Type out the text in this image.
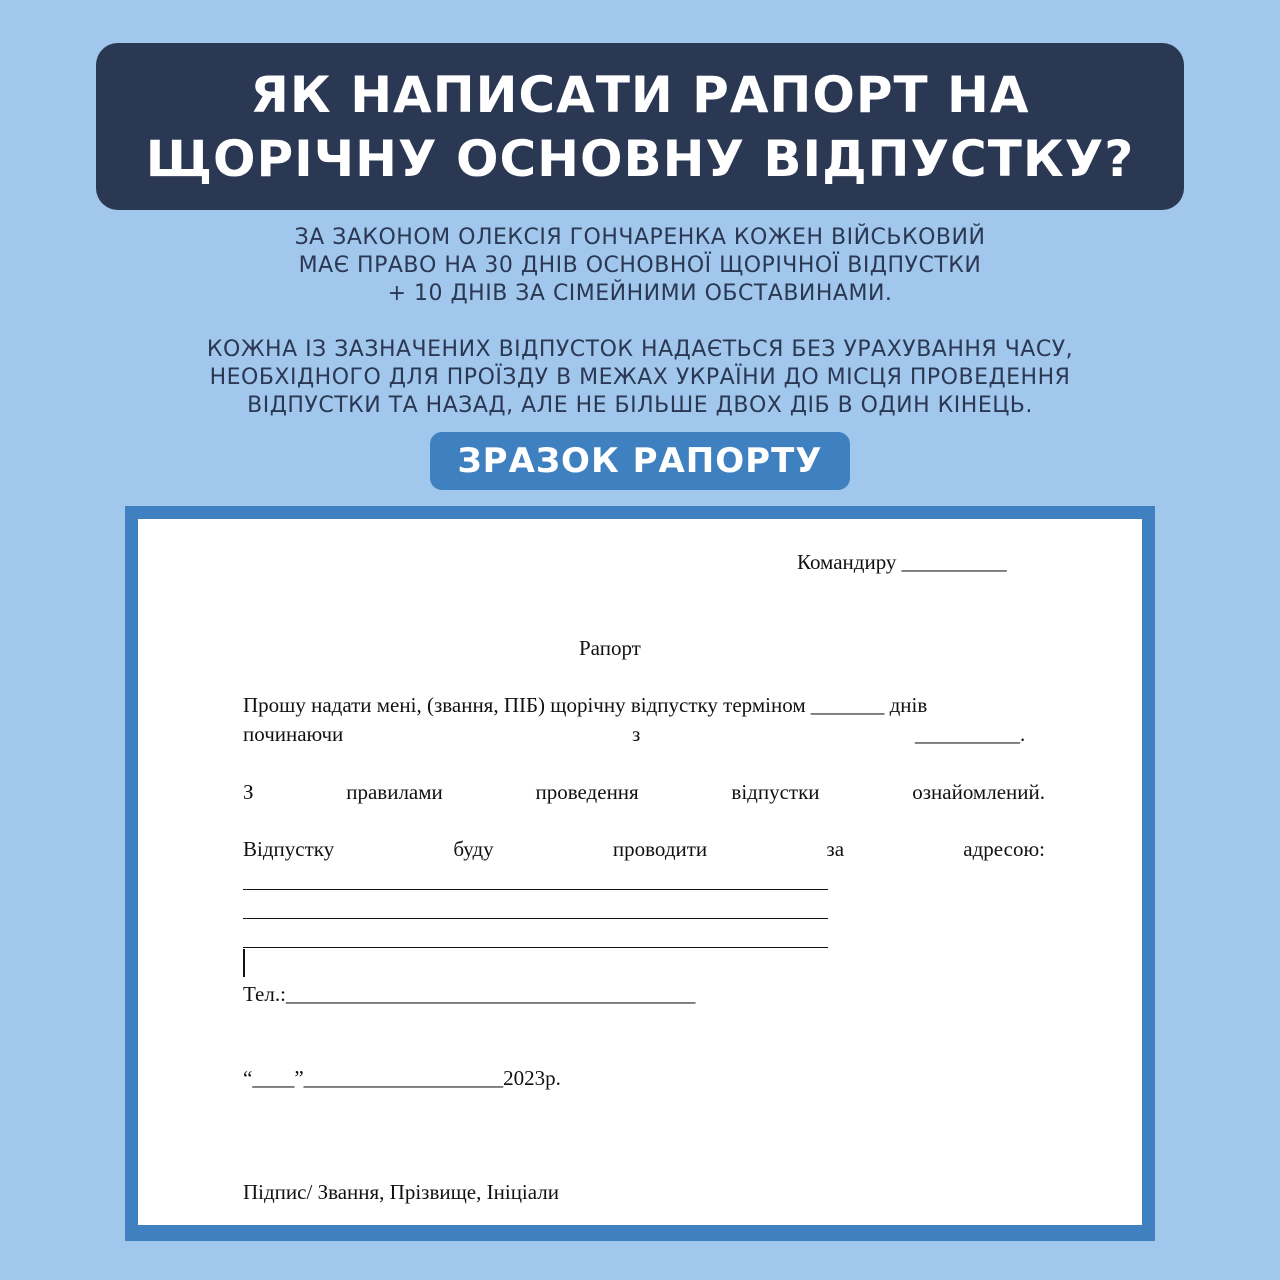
ЯК НАПИСАТИ РАПОРТ НА
ЩОРІЧНУ ОСНОВНУ ВІДПУСТКУ?
ЗА ЗАКОНОМ ОЛЕКСІЯ ГОНЧАРЕНКА КОЖЕН ВІЙСЬКОВИЙ
МАЄ ПРАВО НА 30 ДНІВ ОСНОВНОЇ ЩОРІЧНОЇ ВІДПУСТКИ
+ 10 ДНІВ ЗА СІМЕЙНИМИ ОБСТАВИНАМИ.
КОЖНА ІЗ ЗАЗНАЧЕНИХ ВІДПУСТОК НАДАЄТЬСЯ БЕЗ УРАХУВАННЯ ЧАСУ,
НЕОБХІДНОГО ДЛЯ ПРОЇЗДУ В МЕЖАХ УКРАЇНИ ДО МІСЦЯ ПРОВЕДЕННЯ
ВІДПУСТКИ ТА НАЗАД, АЛЕ НЕ БІЛЬШЕ ДВОХ ДІБ В ОДИН КІНЕЦЬ.
ЗРАЗОК РАПОРТУ
Командиру __________
Рапорт
Прошу надати мені, (звання, ПІБ) щорічну відпустку терміном _______ днів
починаючи	з	__________.
З	правилами	проведення	відпустки	ознайомлений.
Відпустку	буду	проводити	за	адресою:
Тел.:_______________________________________
“____”___________________2023р.
Підпис/ Звання, Прізвище, Ініціали
